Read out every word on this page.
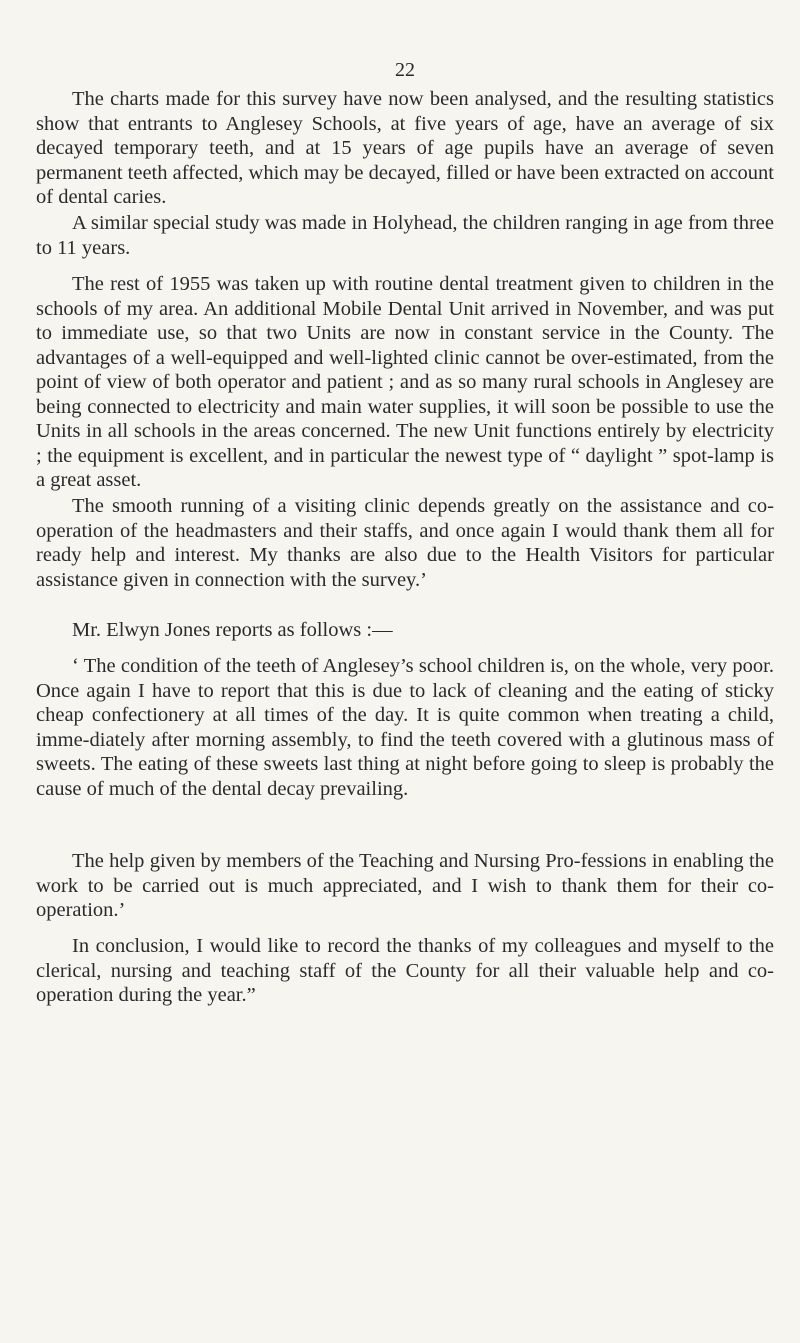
22

The charts made for this survey have now been analysed, and the resulting statistics show that entrants to Anglesey Schools, at five years of age, have an average of six decayed temporary teeth, and at 15 years of age pupils have an average of seven permanent teeth affected, which may be decayed, filled or have been extracted on account of dental caries.

A similar special study was made in Holyhead, the children ranging in age from three to 11 years.

The rest of 1955 was taken up with routine dental treatment given to children in the schools of my area. An additional Mobile Dental Unit arrived in November, and was put to immediate use, so that two Units are now in constant service in the County. The advantages of a well-equipped and well-lighted clinic cannot be over-estimated, from the point of view of both operator and patient ; and as so many rural schools in Anglesey are being connected to electricity and main water supplies, it will soon be possible to use the Units in all schools in the areas concerned. The new Unit functions entirely by electricity ; the equipment is excellent, and in particular the newest type of “ daylight ” spot-lamp is a great asset.

The smooth running of a visiting clinic depends greatly on the assistance and co-operation of the headmasters and their staffs, and once again I would thank them all for ready help and interest. My thanks are also due to the Health Visitors for particular assistance given in connection with the survey.’

Mr. Elwyn Jones reports as follows :—

‘ The condition of the teeth of Anglesey’s school children is, on the whole, very poor. Once again I have to report that this is due to lack of cleaning and the eating of sticky cheap confectionery at all times of the day. It is quite common when treating a child, imme-diately after morning assembly, to find the teeth covered with a glutinous mass of sweets. The eating of these sweets last thing at night before going to sleep is probably the cause of much of the dental decay prevailing.

The help given by members of the Teaching and Nursing Pro-fessions in enabling the work to be carried out is much appreciated, and I wish to thank them for their co-operation.’

In conclusion, I would like to record the thanks of my colleagues and myself to the clerical, nursing and teaching staff of the County for all their valuable help and co-operation during the year.”
